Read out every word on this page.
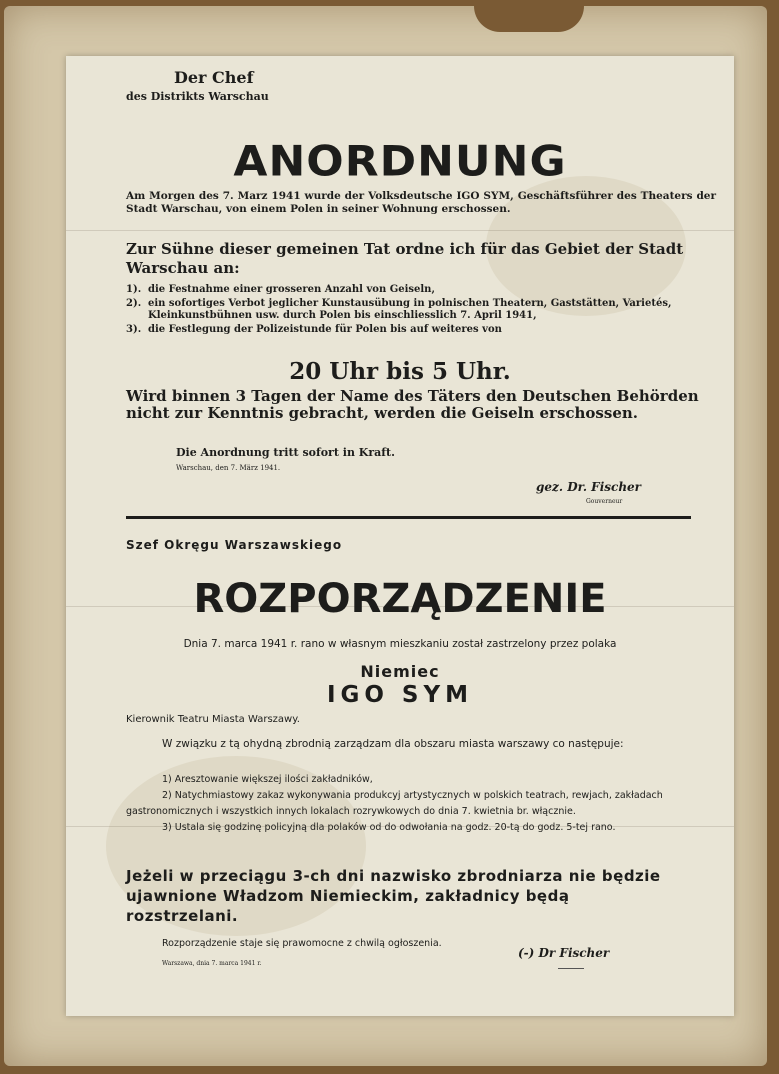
Der Chef
des Distrikts Warschau
ANORDNUNG
Am Morgen des 7. Marz 1941 wurde der Volksdeutsche IGO SYM, Geschäftsführer des Theaters der Stadt Warschau, von einem Polen in seiner Wohnung erschossen.
Zur Sühne dieser gemeinen Tat ordne ich für das Gebiet der Stadt Warschau an:
1). die Festnahme einer grosseren Anzahl von Geiseln,
2). ein sofortiges Verbot jeglicher Kunstausübung in polnischen Theatern, Gaststätten, Varietés, Kleinkunstbühnen usw. durch Polen bis einschliesslich 7. April 1941,
3). die Festlegung der Polizeistunde für Polen bis auf weiteres von
20 Uhr bis 5 Uhr.
Wird binnen 3 Tagen der Name des Täters den Deutschen Behörden nicht zur Kenntnis gebracht, werden die Geiseln erschossen.
Die Anordnung tritt sofort in Kraft.
Warschau, den 7. März 1941.
gez. Dr. Fischer
Gouverneur
Szef Okręgu Warszawskiego
ROZPORZĄDZENIE
Dnia 7. marca 1941 r. rano w własnym mieszkaniu został zastrzelony przez polaka
Niemiec
IGO SYM
Kierownik Teatru Miasta Warszawy.
W związku z tą ohydną zbrodnią zarządzam dla obszaru miasta warszawy co następuje:
1) Aresztowanie większej ilości zakładników,
2) Natychmiastowy zakaz wykonywania produkcyj artystycznych w polskich teatrach, rewjach, zakładach gastronomicznych i wszystkich innych lokalach rozrywkowych do dnia 7. kwietnia br. włącznie.
3) Ustala się godzinę policyjną dla polaków od do odwołania na godz. 20-tą do godz. 5-tej rano.
Jeżeli w przeciągu 3-ch dni nazwisko zbrodniarza nie będzie ujawnione Władzom Niemieckim, zakładnicy będą rozstrzelani.
Rozporządzenie staje się prawomocne z chwilą ogłoszenia.
(-) Dr Fischer
Warszawa, dnia 7. marca 1941 r.
